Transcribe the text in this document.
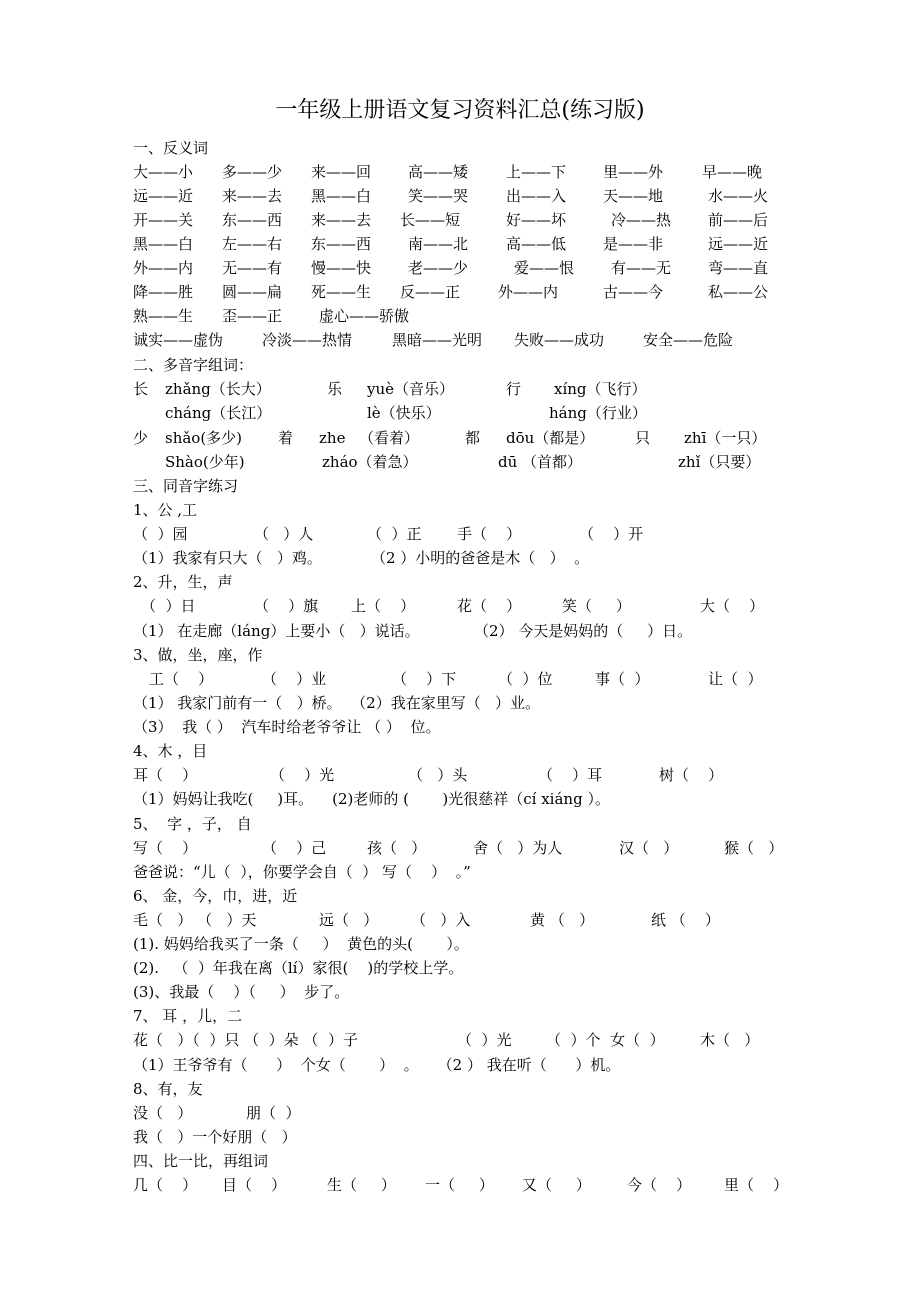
一年级上册语文复习资料汇总(练习版)
一、反义词
大——小 多——少 来——回 高——矮	上——下 里——外	早——晚
远——近 来——去 黑——白 笑——哭	出——入 天——地	水——火
开——关 东——西 来——去 长——短	好——坏	冷——热 前——后
黑——白 左——右 东——西 南——北	高——低 是——非	远——近
外——内 无——有 慢——快 老——少	爱——恨 有——无 弯——直
降——胜 圆——扁 死——生 反——正	外——内	古——今	私——公
熟——生 歪——正 虚心——骄傲
诚实——虚伪	冷淡——热情	黑暗——光明 失败——成功	安全——危险
二、多音字组词：
长 zhǎng（长大）	乐 yuè（音乐）	行 xíng（飞行）
cháng（长江）	lè（快乐）	háng（行业）
少 shǎo(多少) 着 zhe （看着）	都 dōu（都是）	只 zhī（一只）
Shào(少年)	zháo（着急）	dū （首都）	zhǐ（只要）
三、同音字练习
1、公 ,工
（  ）园	（   ）人	（  ）正 手（    ）	（    ）开
（1）我家有只大（   ）鸡。	（2 ）小明的爸爸是木（   ）  。
2、升，生，声
（  ）日	（    ）旗 上（    ）	花（    ）	笑（     ）	大（    ）
（1） 在走廊（láng）上要小（   ）说话。	（2） 今天是妈妈的（     ）日。
3、做，坐，座，作
工（    ）	（    ）业	（    ）下	（  ）位	事（  ）	让（  ）
（1） 我家门前有一（   ）桥。  （2）我在家里写（   ）业。
（3）  我（ ）  汽车时给老爷爷让 （ ）  位。
4、木 ，目
耳（    ）	（    ）光	（   ）头	（    ）耳	树（    ）
（1）妈妈让我吃(     )耳。    (2)老师的 (       )光很慈祥（cí xiáng ）。
5、  字 ，子， 自
写（    ）	（    ）己	孩（   ）	舍（   ）为人	汉（   ）	猴（   ）
爸爸说：“儿（  ），你要学会自（  ） 写（    ）  。”
6、 金，今，巾，进，近
毛（   ） （   ）天	远（   ） （   ）入	黄 （   ）	纸 （    ）
(1). 妈妈给我买了一条（     ）  黄色的头(       ）。
(2).   （  ）年我在离（lí）家很(    )的学校上学。
(3)、我最（    ）（     ）  步了。
7、 耳 ，儿，二
花（   ）（  ）只 （  ）朵 （  ）子	（  ）光 （  ）个  女（  ） 木（   ）
（1）王爷爷有（      ）  个女（       ）  。    （2 ） 我在听（      ）机。
8、有，友
没（   ）	朋（  ）
我（   ）一个好朋（   ）
四、比一比，再组词
几（    ） 目（    ）	生（     ） 一（     ） 又（     ） 今（    ） 里（    ）
